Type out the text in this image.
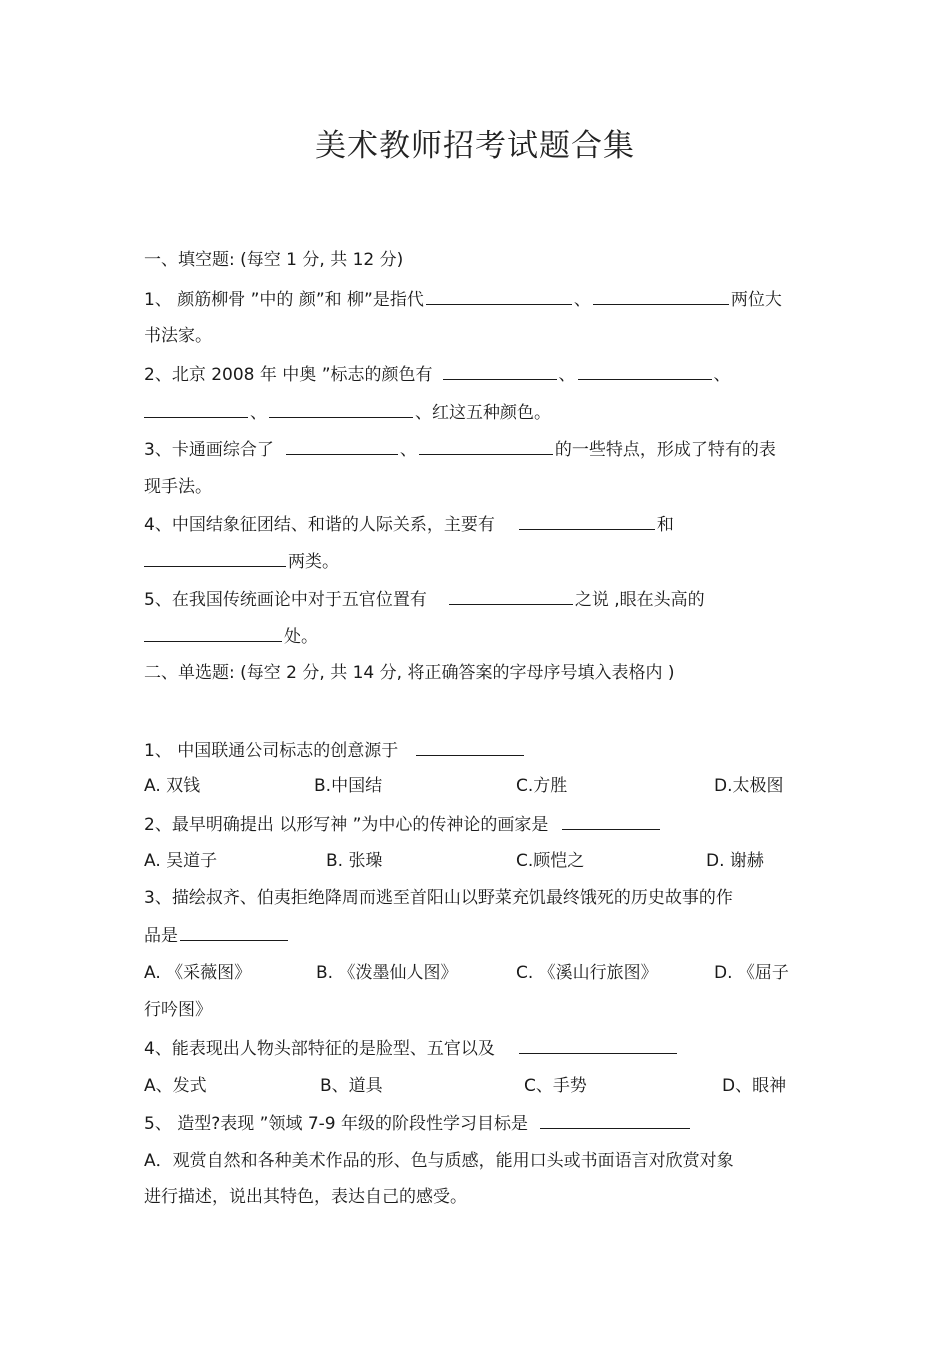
美术教师招考试题合集
一、填空题: (每空 1 分, 共 12 分)
1、 颜筋柳骨 ”中的 颜”和 柳”是指代	、	两位大
书法家。
2、北京 2008 年 中奥 ”标志的颜色有	、	、
、	、红这五种颜色。
3、卡通画综合了	、	的一些特点，形成了特有的表
现手法。
4、中国结象征团结、和谐的人际关系，主要有	和
两类。
5、在我国传统画论中对于五官位置有	之说 ,眼在头高的
处。
二、单选题: (每空 2 分, 共 14 分, 将正确答案的字母序号填入表格内 )
1、 中国联通公司标志的创意源于
A. 双钱	B.中国结	C.方胜	D.太极图
2、最早明确提出 以形写神 ”为中心的传神论的画家是
A. 吴道子	B. 张璪	C.顾恺之	D. 谢赫
3、描绘叔齐、伯夷拒绝降周而逃至首阳山以野菜充饥最终饿死的历史故事的作
品是
A. 《采薇图》	B. 《泼墨仙人图》	C. 《溪山行旅图》	D. 《屈子
行吟图》
4、能表现出人物头部特征的是脸型、五官以及
A、发式	B、道具	C、手势	D、眼神
5、 造型?表现 ”领域 7-9 年级的阶段性学习目标是
A．观赏自然和各种美术作品的形、色与质感，能用口头或书面语言对欣赏对象
进行描述，说出其特色，表达自己的感受。
